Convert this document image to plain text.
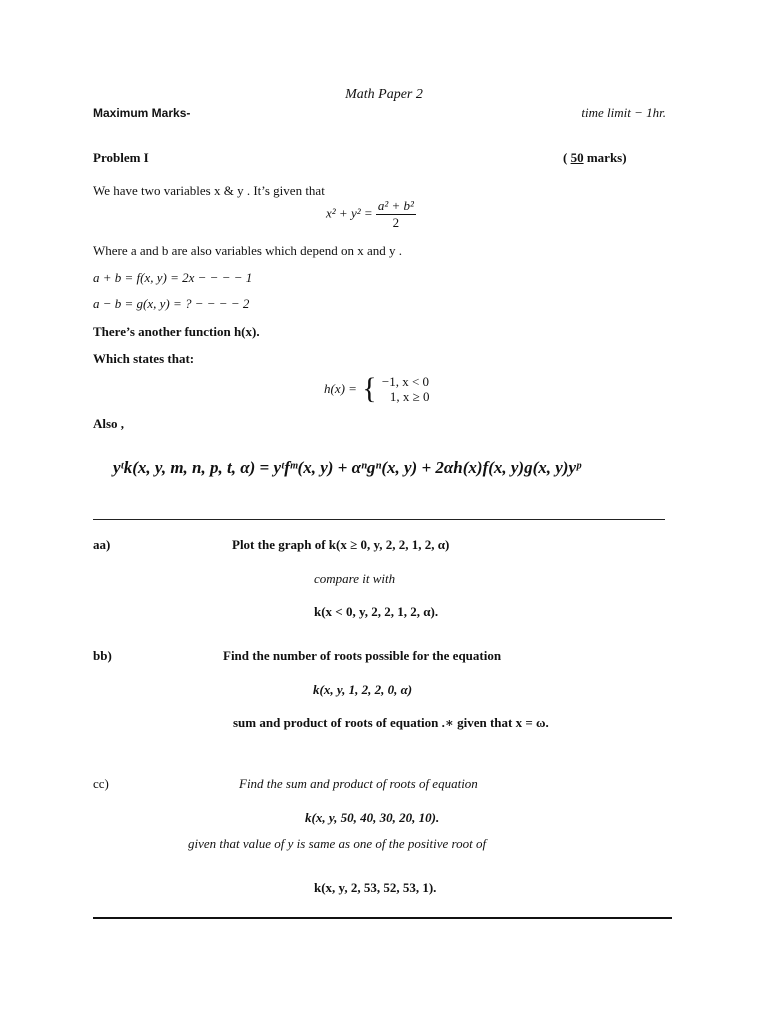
Math Paper 2
Maximum Marks-	time limit − 1hr.
Problem I	( 50 marks)
We have two variables x & y . It’s given that
$x^2 + y^2 = \frac{\text{a² + b²}}{2}$
Where a and b are also variables which depend on x and y .
a + b = f(x, y) = 2x − − − − 1
a − b = g(x, y) = ? − − − − 2
There’s another function h(x).
Which states that:
h(x) = { −1, x < 0
1, x ≥ 0
Also ,
yᵗk(x, y, m, n, p, t, α) = yᵗfᵐ(x, y) + αⁿgⁿ(x, y) + 2αh(x)f(x, y)g(x, y)yᵖ
aa)	Plot the graph of k(x ≥ 0, y, 2, 2, 1, 2, α)
compare it with
k(x < 0, y, 2, 2, 1, 2, α).
bb)	Find the number of roots possible for the equation
k(x, y, 1, 2, 2, 0, α)
sum and product of roots of equation .∗ given that x = ω.
cc)	Find the sum and product of roots of equation
k(x, y, 50, 40, 30, 20, 10).
given that value of y is same as one of the positive root of
k(x, y, 2, 53, 52, 53, 1).
